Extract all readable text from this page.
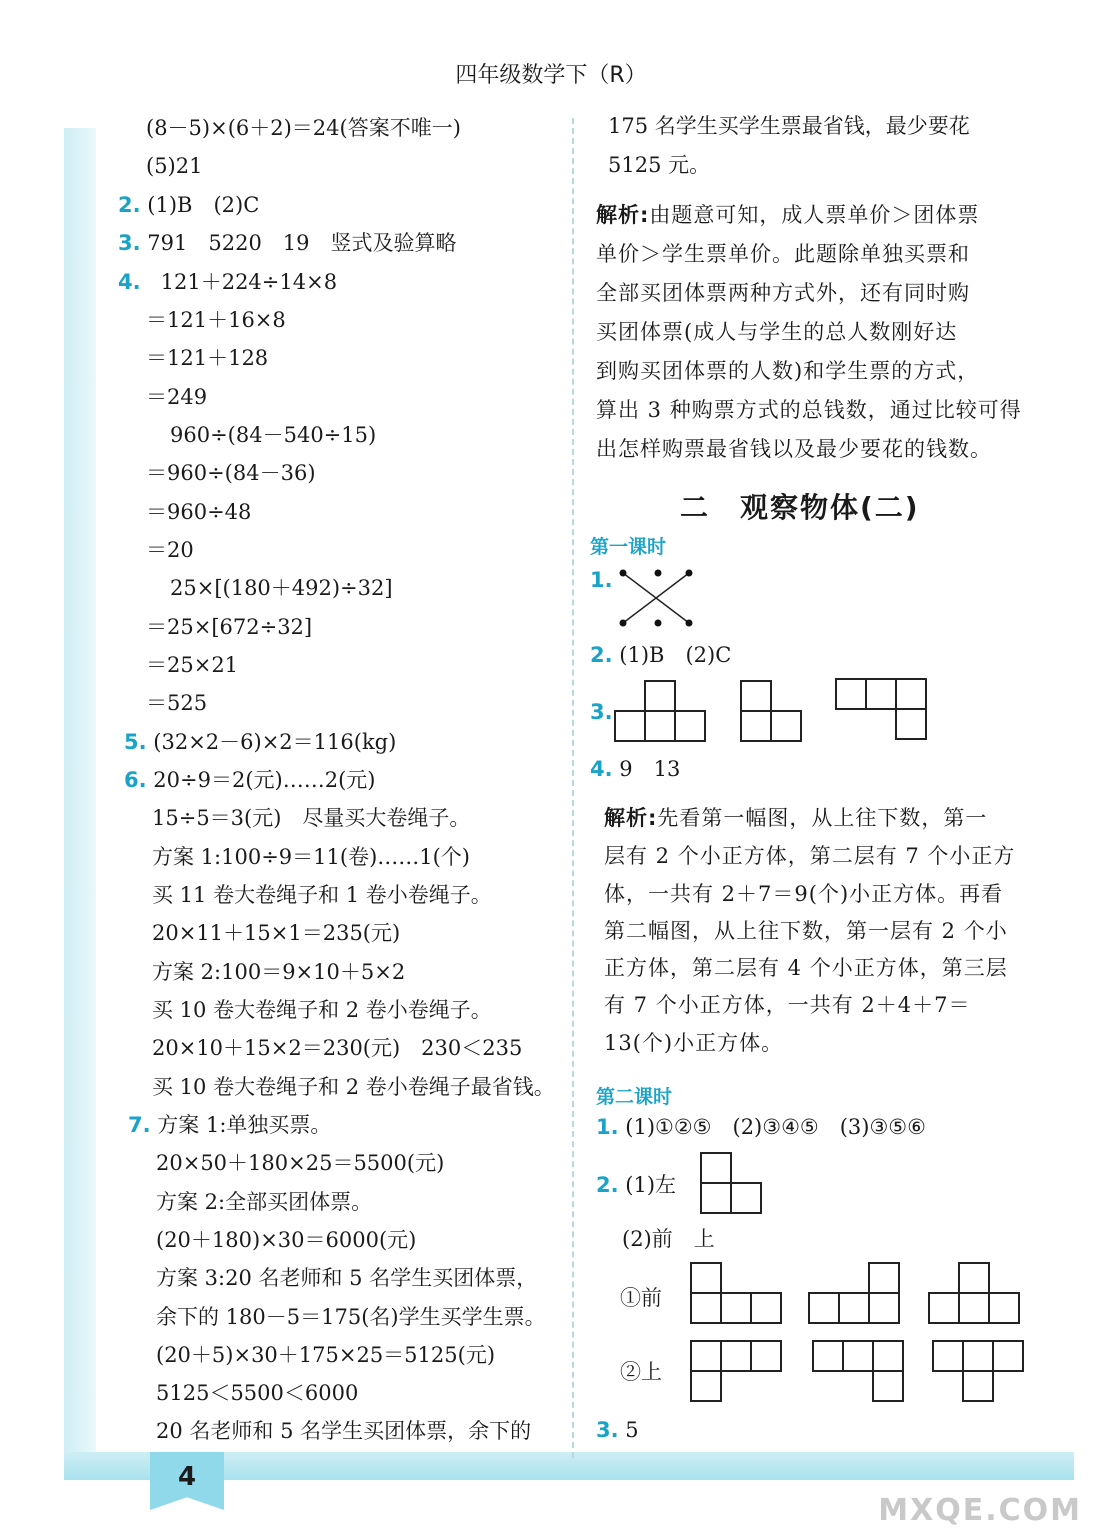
4
四年级数学下（R）
(8－5)×(6＋2)＝24(答案不唯一)
(5)21
2. (1)B　(2)C
3. 791　5220　19　竖式及验算略
4. 121＋224÷14×8
＝121＋16×8
＝121＋128
＝249
960÷(84－540÷15)
＝960÷(84－36)
＝960÷48
＝20
25×[(180＋492)÷32]
＝25×[672÷32]
＝25×21
＝525
5. (32×2－6)×2＝116(kg)
6. 20÷9＝2(元)……2(元)
15÷5＝3(元)　尽量买大卷绳子。
方案 1:100÷9＝11(卷)……1(个)
买 11 卷大卷绳子和 1 卷小卷绳子。
20×11＋15×1＝235(元)
方案 2:100＝9×10＋5×2
买 10 卷大卷绳子和 2 卷小卷绳子。
20×10＋15×2＝230(元)　230＜235
买 10 卷大卷绳子和 2 卷小卷绳子最省钱。
7. 方案 1:单独买票。
20×50＋180×25＝5500(元)
方案 2:全部买团体票。
(20＋180)×30＝6000(元)
方案 3:20 名老师和 5 名学生买团体票，
余下的 180－5＝175(名)学生买学生票。
(20＋5)×30＋175×25＝5125(元)
5125＜5500＜6000
20 名老师和 5 名学生买团体票，余下的
175 名学生买学生票最省钱，最少要花
5125 元。
解析:由题意可知，成人票单价＞团体票
单价＞学生票单价。此题除单独买票和
全部买团体票两种方式外，还有同时购
买团体票(成人与学生的总人数刚好达
到购买团体票的人数)和学生票的方式，
算出 3 种购票方式的总钱数，通过比较可得
出怎样购票最省钱以及最少要花的钱数。
二　观察物体(二)
第一课时
1.
2. (1)B　(2)C
3.
4. 9　13
解析:先看第一幅图，从上往下数，第一
层有 2 个小正方体，第二层有 7 个小正方
体，一共有 2＋7＝9(个)小正方体。再看
第二幅图，从上往下数，第一层有 2 个小
正方体，第二层有 4 个小正方体，第三层
有 7 个小正方体，一共有 2＋4＋7＝
13(个)小正方体。
第二课时
1. (1)①②⑤　(2)③④⑤　(3)③⑤⑥
2. (1)左
(2)前　上
①前
②上
3. 5
MXQE.COM
